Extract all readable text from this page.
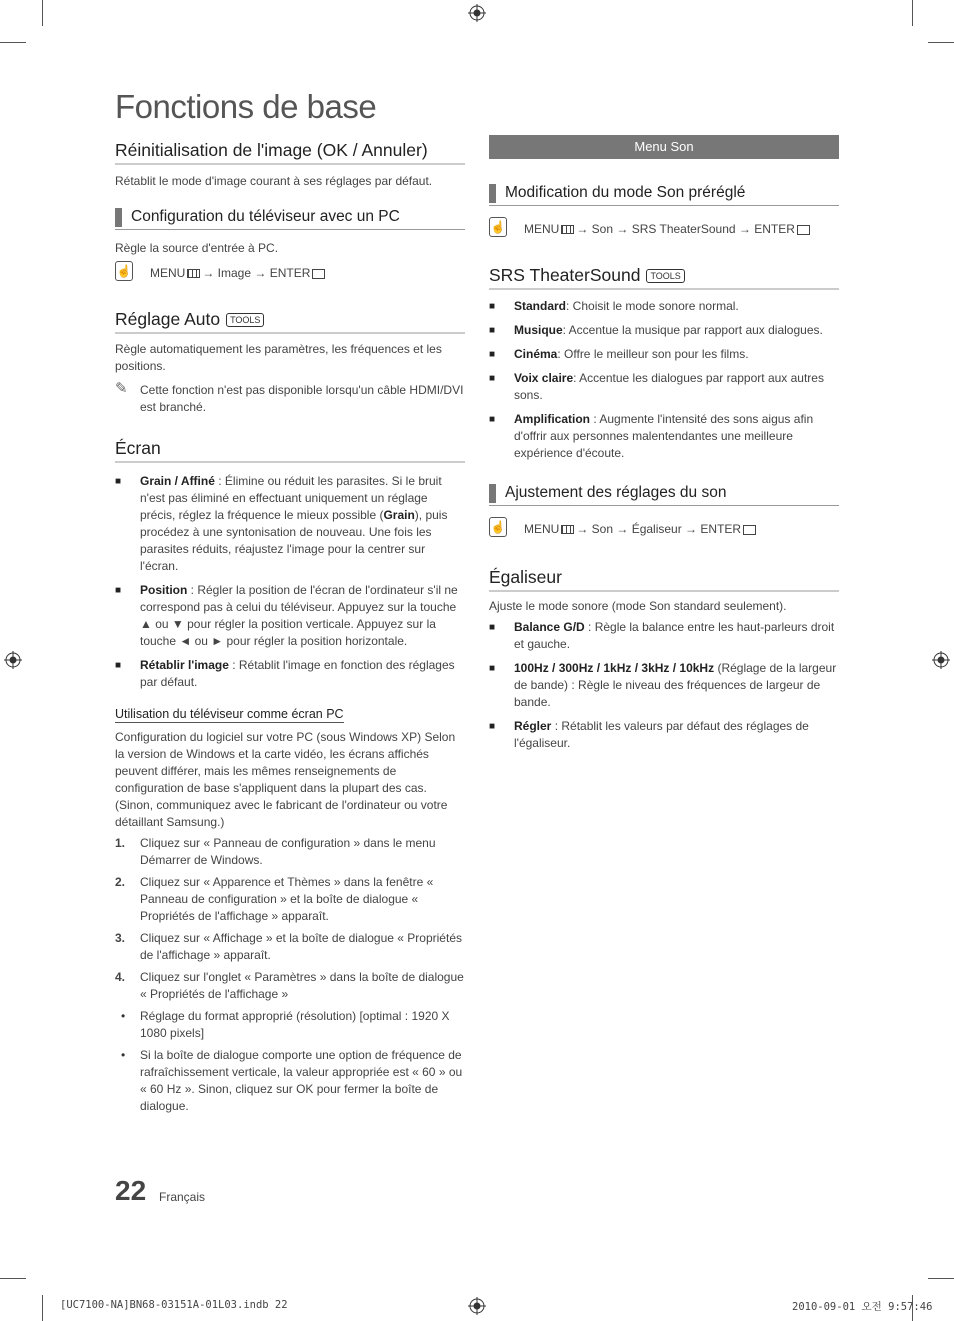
Fonctions de base
Réinitialisation de l'image (OK / Annuler)

Rétablit le mode d'image courant à ses réglages par défaut.

Configuration du téléviseur avec un PC

Règle la source d'entrée à PC.

☝ MENU → Image → ENTER
Réglage Auto TOOLS

Règle automatiquement les paramètres, les fréquences et les positions.

✎ Cette fonction n'est pas disponible lorsqu'un câble HDMI/DVI est branché.
Écran
■ Grain / Affiné : Élimine ou réduit les parasites. Si le bruit n'est pas éliminé en effectuant uniquement un réglage précis, réglez la fréquence le mieux possible (Grain), puis procédez à une syntonisation de nouveau. Une fois les parasites réduits, réajustez l'image pour la centrer sur l'écran.
■ Position : Régler la position de l'écran de l'ordinateur s'il ne correspond pas à celui du téléviseur. Appuyez sur la touche ▲ ou ▼ pour régler la position verticale. Appuyez sur la touche ◄ ou ► pour régler la position horizontale.
■ Rétablir l'image : Rétablit l'image en fonction des réglages par défaut.
Utilisation du téléviseur comme écran PC

Configuration du logiciel sur votre PC (sous Windows XP) Selon la version de Windows et la carte vidéo, les écrans affichés peuvent différer, mais les mêmes renseignements de configuration de base s'appliquent dans la plupart des cas. (Sinon, communiquez avec le fabricant de l'ordinateur ou votre détaillant Samsung.)

1. Cliquez sur « Panneau de configuration » dans le menu Démarrer de Windows.
2. Cliquez sur « Apparence et Thèmes » dans la fenêtre « Panneau de configuration » et la boîte de dialogue « Propriétés de l'affichage » apparaît.
3. Cliquez sur « Affichage » et la boîte de dialogue « Propriétés de l'affichage » apparaît.
4. Cliquez sur l'onglet « Paramètres » dans la boîte de dialogue « Propriétés de l'affichage »
• Réglage du format approprié (résolution) [optimal : 1920 X 1080 pixels]
• Si la boîte de dialogue comporte une option de fréquence de rafraîchissement verticale, la valeur appropriée est « 60 » ou « 60 Hz ». Sinon, cliquez sur OK pour fermer la boîte de dialogue.
Menu Son
Modification du mode Son préréglé
☝ MENU → Son → SRS TheaterSound → ENTER
SRS TheaterSound TOOLS
■ Standard: Choisit le mode sonore normal.
■ Musique: Accentue la musique par rapport aux dialogues.
■ Cinéma: Offre le meilleur son pour les films.
■ Voix claire: Accentue les dialogues par rapport aux autres sons.
■ Amplification : Augmente l'intensité des sons aigus afin d'offrir aux personnes malentendantes une meilleure expérience d'écoute.
Ajustement des réglages du son
☝ MENU → Son → Égaliseur → ENTER
Égaliseur

Ajuste le mode sonore (mode Son standard seulement).

■ Balance G/D : Règle la balance entre les haut-parleurs droit et gauche.
■ 100Hz / 300Hz / 1kHz / 3kHz / 10kHz (Réglage de la largeur de bande) : Règle le niveau des fréquences de largeur de bande.
■ Régler : Rétablit les valeurs par défaut des réglages de l'égaliseur.
22 Français
[UC7100-NA]BN68-03151A-01L03.indb 22	2010-09-01 오전 9:57:46
